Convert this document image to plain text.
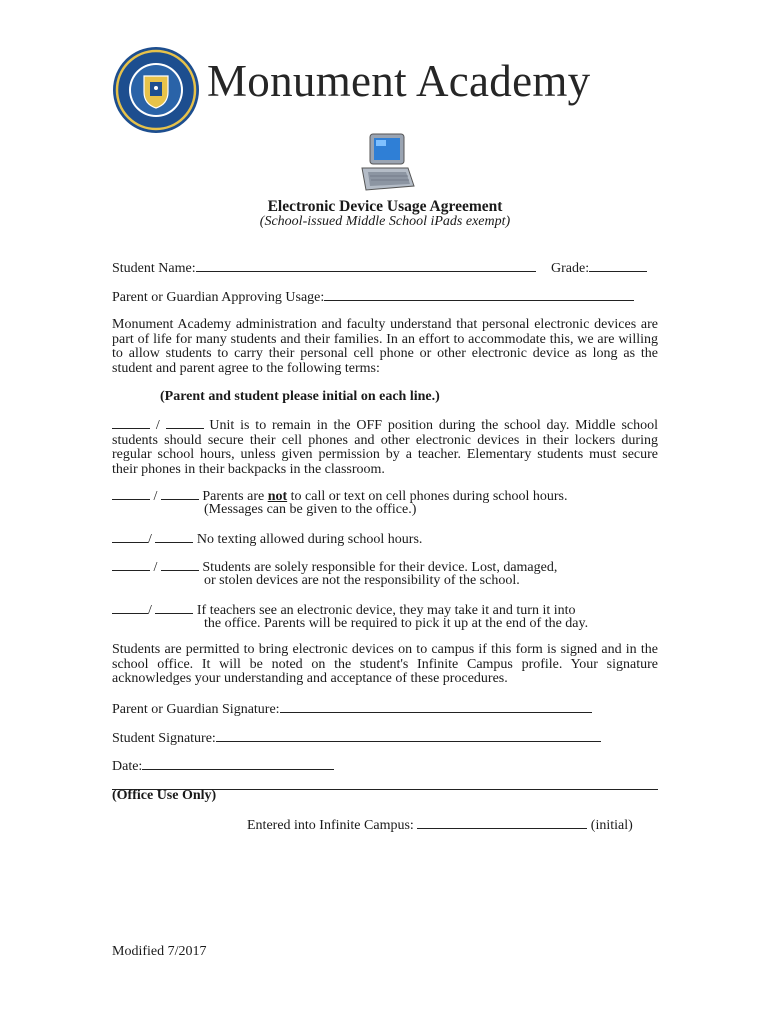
Monument Academy
Electronic Device Usage Agreement
(School-issued Middle School iPads exempt)
Student Name:	Grade:
Parent or Guardian Approving Usage:
Monument Academy administration and faculty understand that personal electronic devices are part of life for many students and their families. In an effort to accommodate this, we are willing to allow students to carry their personal cell phone or other electronic device as long as the student and parent agree to the following terms:
(Parent and student please initial on each line.)
/	Unit is to remain in the OFF position during the school day. Middle school students should secure their cell phones and other electronic devices in their lockers during regular school hours, unless given permission by a teacher. Elementary students must secure their phones in their backpacks in the classroom.
/	Parents are not to call or text on cell phones during school hours.
(Messages can be given to the office.)
/	No texting allowed during school hours.
/	Students are solely responsible for their device. Lost, damaged,
or stolen devices are not the responsibility of the school.
/	If teachers see an electronic device, they may take it and turn it into
the office. Parents will be required to pick it up at the end of the day.
Students are permitted to bring electronic devices on to campus if this form is signed and in the school office. It will be noted on the student's Infinite Campus profile. Your signature acknowledges your understanding and acceptance of these procedures.
Parent or Guardian Signature:
Student Signature:
Date:
(Office Use Only)
Entered into Infinite Campus:	(initial)
Modified 7/2017
